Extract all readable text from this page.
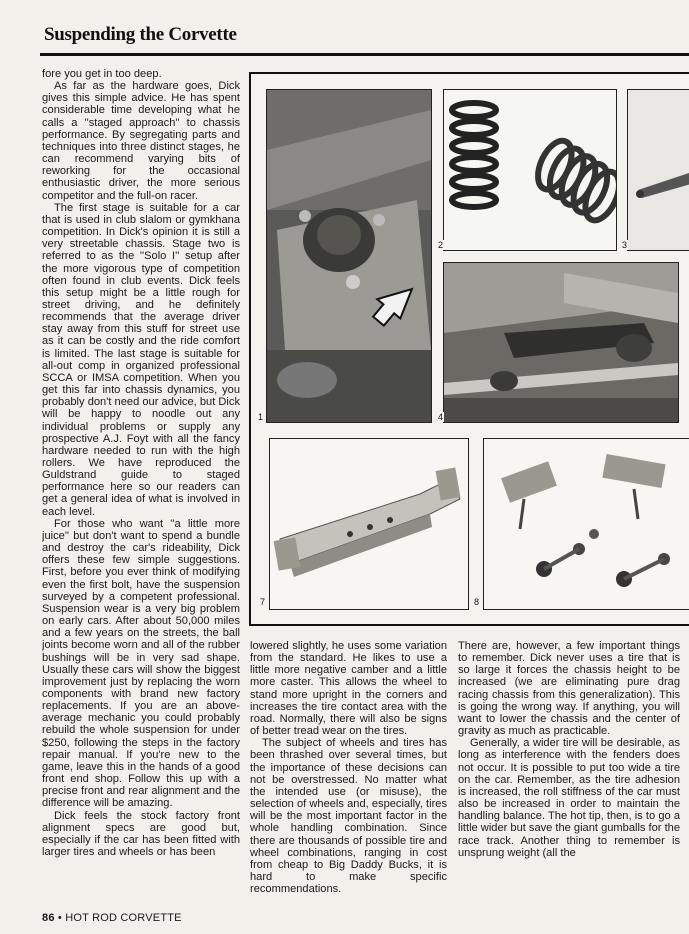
Suspending the Corvette

fore you get in too deep.

As far as the hardware goes, Dick gives this simple advice. He has spent considerable time developing what he calls a ''staged approach'' to chassis performance. By segregating parts and techniques into three distinct stages, he can recommend varying bits of reworking for the occasional enthusiastic driver, the more serious competitor and the full-on racer.

The first stage is suitable for a car that is used in club slalom or gymkhana competition. In Dick's opinion it is still a very streetable chassis. Stage two is referred to as the ''Solo I'' setup after the more vigorous type of competition often found in club events. Dick feels this setup might be a little rough for street driving, and he definitely recommends that the average driver stay away from this stuff for street use as it can be costly and the ride comfort is limited. The last stage is suitable for all-out comp in organized professional SCCA or IMSA competition. When you get this far into chassis dynamics, you probably don't need our advice, but Dick will be happy to noodle out any individual problems or supply any prospective A.J. Foyt with all the fancy hardware needed to run with the high rollers. We have reproduced the Guldstrand guide to staged performance here so our readers can get a general idea of what is involved in each level.

For those who want ''a little more juice'' but don't want to spend a bundle and destroy the car's rideability, Dick offers these few simple suggestions. First, before you ever think of modifying even the first bolt, have the suspension surveyed by a competent professional. Suspension wear is a very big problem on early cars. After about 50,000 miles and a few years on the streets, the ball joints become worn and all of the rubber bushings will be in very sad shape. Usually these cars will show the biggest improvement just by replacing the worn components with brand new factory replacements. If you are an above-average mechanic you could probably rebuild the whole suspension for under $250, following the steps in the factory repair manual. If you're new to the game, leave this in the hands of a good front end shop. Follow this up with a precise front and rear alignment and the difference will be amazing.

Dick feels the stock factory front alignment specs are good but, especially if the car has been fitted with larger tires and wheels or has been

1
2	3
4
7	8

lowered slightly, he uses some variation from the standard. He likes to use a little more negative camber and a little more caster. This allows the wheel to stand more upright in the corners and increases the tire contact area with the road. Normally, there will also be signs of better tread wear on the tires.

The subject of wheels and tires has been thrashed over several times, but the importance of these decisions can not be overstressed. No matter what the intended use (or misuse), the selection of wheels and, especially, tires will be the most important factor in the whole handling combination. Since there are thousands of possible tire and wheel combinations, ranging in cost from cheap to Big Daddy Bucks, it is hard to make specific recommendations.

There are, however, a few important things to remember. Dick never uses a tire that is so large it forces the chassis height to be increased (we are eliminating pure drag racing chassis from this generalization). This is going the wrong way. If anything, you will want to lower the chassis and the center of gravity as much as practicable.

Generally, a wider tire will be desirable, as long as interference with the fenders does not occur. It is possible to put too wide a tire on the car. Remember, as the tire adhesion is increased, the roll stiffness of the car must also be increased in order to maintain the handling balance. The hot tip, then, is to go a little wider but save the giant gumballs for the race track. Another thing to remember is unsprung weight (all the

86 • HOT ROD CORVETTE
